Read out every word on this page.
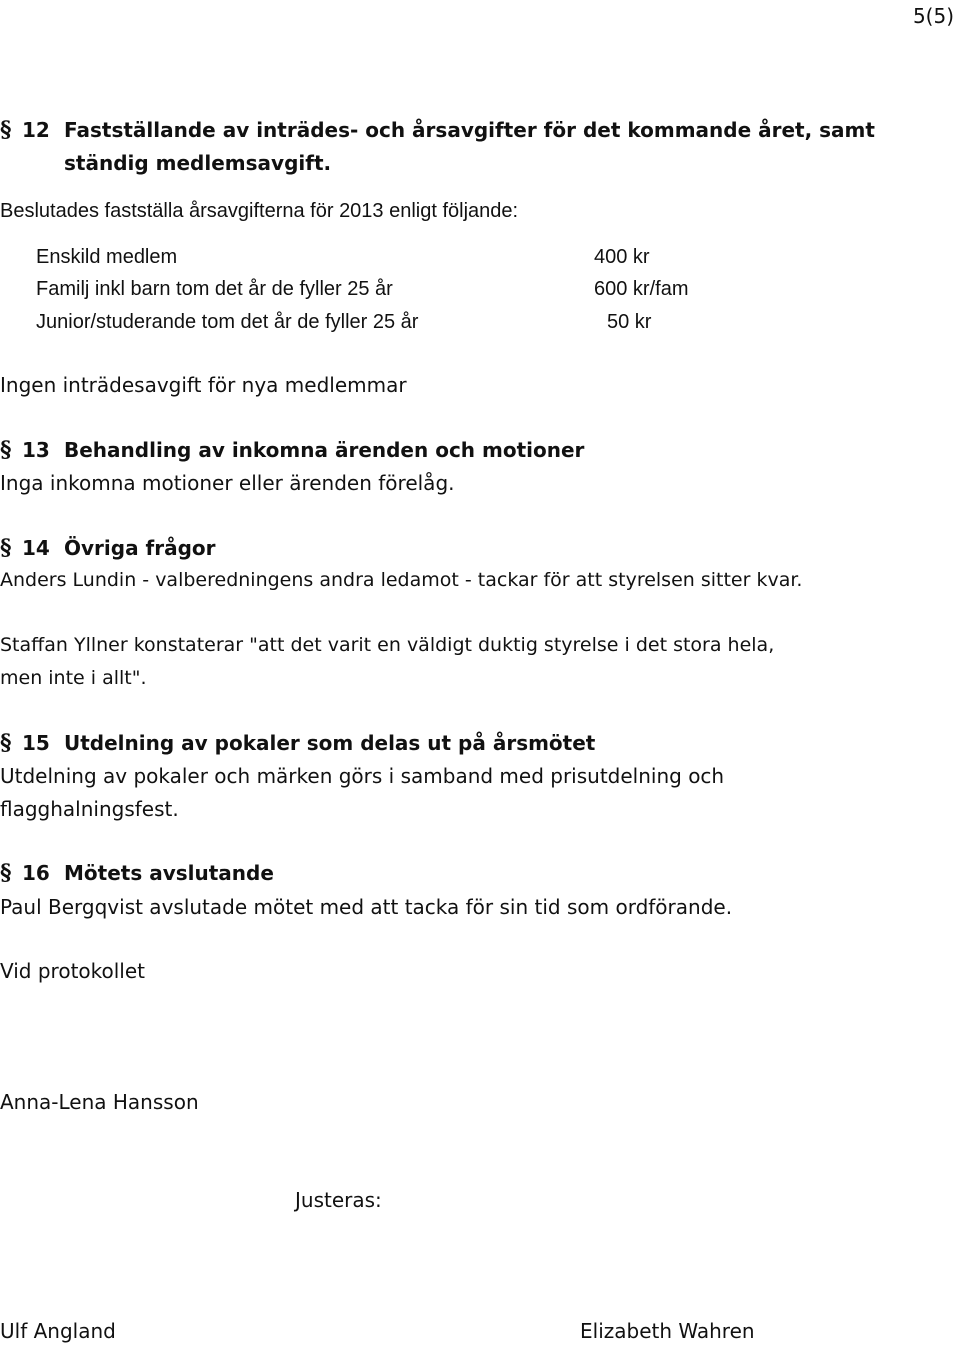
5(5)
§ 12 Fastställande av inträdes- och årsavgifter för det kommande året, samt
ständig medlemsavgift.
Beslutades fastställa årsavgifterna för 2013 enligt följande:
Enskild medlem	400 kr
Familj inkl barn tom det år de fyller 25 år	600 kr/fam
Junior/studerande tom det år de fyller 25 år	50 kr
Ingen inträdesavgift för nya medlemmar
§ 13 Behandling av inkomna ärenden och motioner
Inga inkomna motioner eller ärenden förelåg.
§ 14 Övriga frågor
Anders Lundin - valberedningens andra ledamot - tackar för att styrelsen sitter kvar.
Staffan Yllner konstaterar "att det varit en väldigt duktig styrelse i det stora hela,
men inte i allt".
§ 15 Utdelning av pokaler som delas ut på årsmötet
Utdelning av pokaler och märken görs i samband med prisutdelning och
flagghalningsfest.
§ 16 Mötets avslutande
Paul Bergqvist avslutade mötet med att tacka för sin tid som ordförande.
Vid protokollet
Anna-Lena Hansson
Justeras:
Ulf Angland	Elizabeth Wahren
